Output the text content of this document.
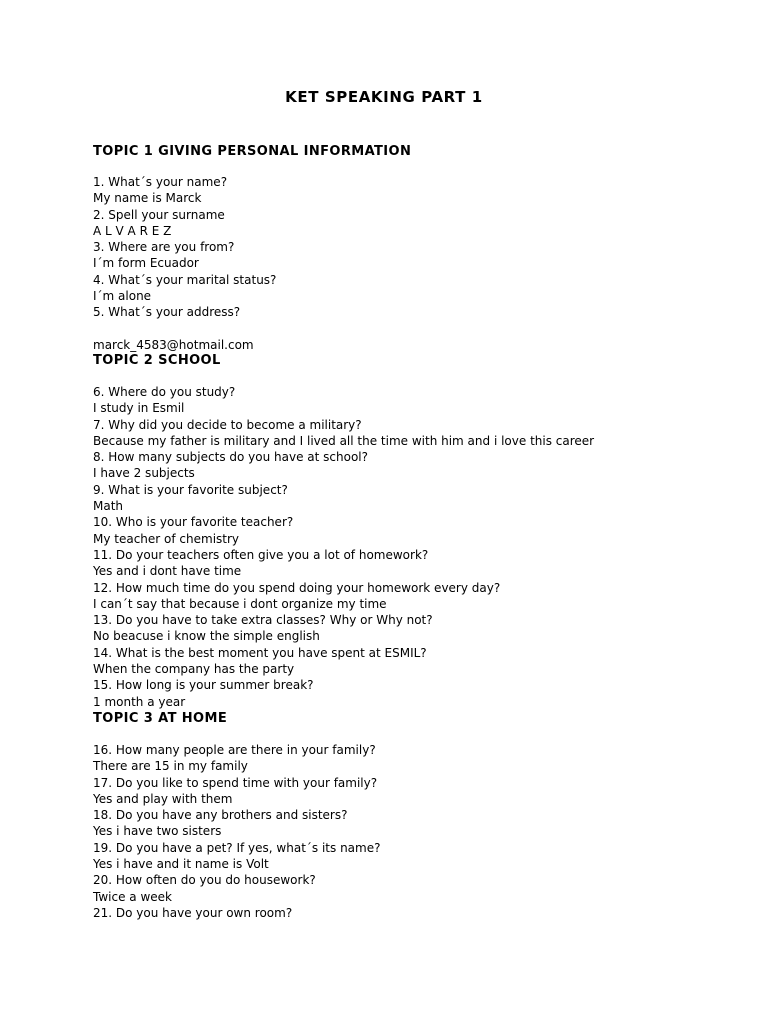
KET SPEAKING PART 1
TOPIC 1 GIVING PERSONAL INFORMATION
1. What´s your name?
My name is Marck
2. Spell your surname
A L V A R E Z
3. Where are you from?
I´m form Ecuador
4. What´s your marital status?
I´m alone
5. What´s your address?
marck_4583@hotmail.com
TOPIC 2 SCHOOL
6. Where do you study?
I study in Esmil
7. Why did you decide to become a military?
Because my father is military and I lived all the time with him and i love this career
8. How many subjects do you have at school?
I have 2 subjects
9. What is your favorite subject?
Math
10. Who is your favorite teacher?
My teacher of chemistry
11. Do your teachers often give you a lot of homework?
Yes and i dont have time
12. How much time do you spend doing your homework every day?
I can´t say that because i dont organize my time
13. Do you have to take extra classes? Why or Why not?
No beacuse i know the simple english
14. What is the best moment you have spent at ESMIL?
When the company has the party
15. How long is your summer break?
1 month a year
TOPIC 3 AT HOME
16. How many people are there in your family?
There are 15 in my family
17. Do you like to spend time with your family?
Yes and play with them
18. Do you have any brothers and sisters?
Yes i have two sisters
19. Do you have a pet? If yes, what´s its name?
Yes i have and it name is Volt
20. How often do you do housework?
Twice a week
21. Do you have your own room?
